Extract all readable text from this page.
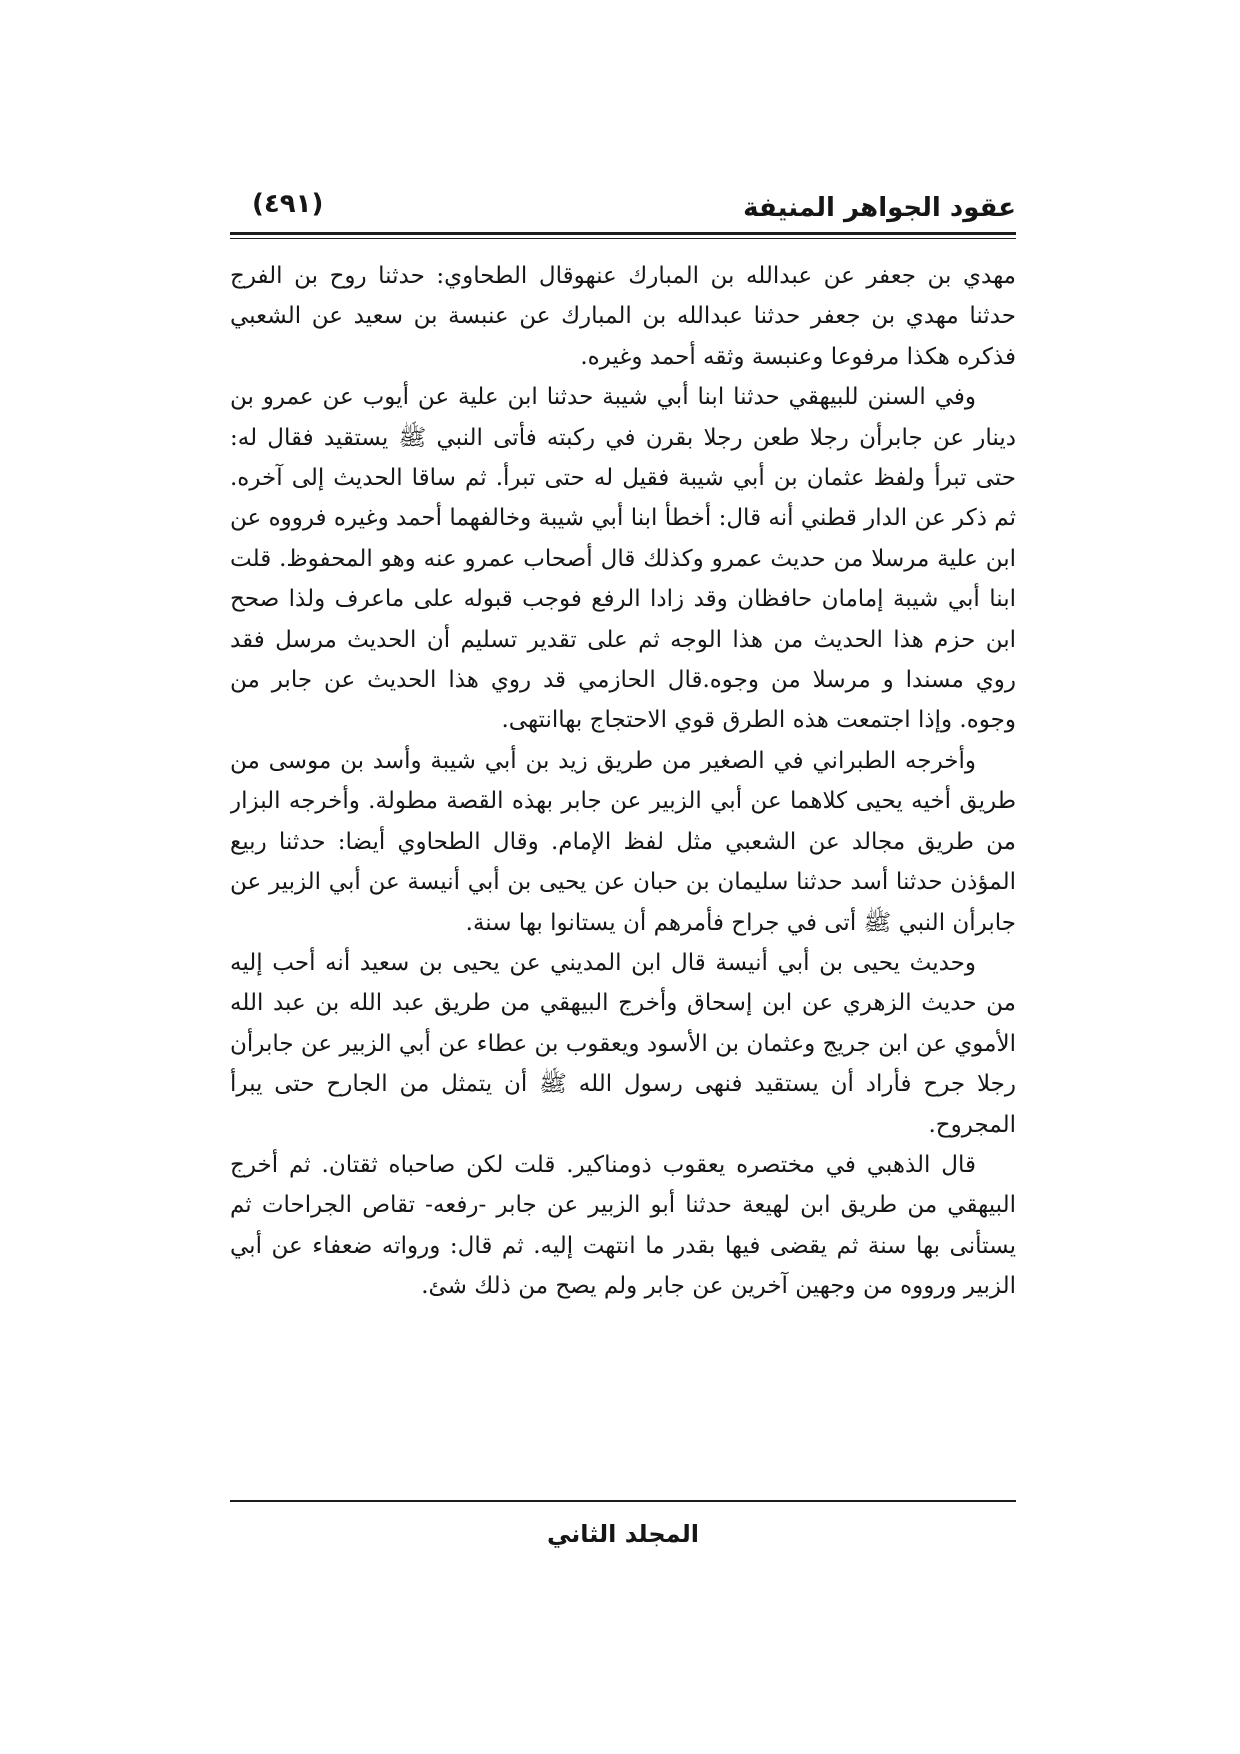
عقود الجواهر المنيفة
(٤٩١)

مهدي بن جعفر عن عبدالله بن المبارك عنهوقال الطحاوي: حدثنا روح بن الفرج حدثنا مهدي بن جعفر حدثنا عبدالله بن المبارك عن عنبسة بن سعيد عن الشعبي فذكره هكذا مرفوعا وعنبسة وثقه أحمد وغيره.

وفي السنن للبيهقي حدثنا ابنا أبي شيبة حدثنا ابن علية عن أيوب عن عمرو بن دينار عن جابرأن رجلا طعن رجلا بقرن في ركبته فأتى النبي ﷺ يستقيد فقال له: حتى تبرأ ولفظ عثمان بن أبي شيبة فقيل له حتى تبرأ. ثم ساقا الحديث إلى آخره. ثم ذكر عن الدار قطني أنه قال: أخطأ ابنا أبي شيبة وخالفهما أحمد وغيره فرووه عن ابن علية مرسلا من حديث عمرو وكذلك قال أصحاب عمرو عنه وهو المحفوظ. قلت ابنا أبي شيبة إمامان حافظان وقد زادا الرفع فوجب قبوله على ماعرف ولذا صحح ابن حزم هذا الحديث من هذا الوجه ثم على تقدير تسليم أن الحديث مرسل فقد روي مسندا و مرسلا من وجوه.قال الحازمي قد روي هذا الحديث عن جابر من وجوه. وإذا اجتمعت هذه الطرق قوي الاحتجاج بهاانتهى.

وأخرجه الطبراني في الصغير من طريق زيد بن أبي شيبة وأسد بن موسى من طريق أخيه يحيى كلاهما عن أبي الزبير عن جابر بهذه القصة مطولة. وأخرجه البزار من طريق مجالد عن الشعبي مثل لفظ الإمام. وقال الطحاوي أيضا: حدثنا ربيع المؤذن حدثنا أسد حدثنا سليمان بن حبان عن يحيى بن أبي أنيسة عن أبي الزبير عن جابرأن النبي ﷺ أتى في جراح فأمرهم أن يستانوا بها سنة.

وحديث يحيى بن أبي أنيسة قال ابن المديني عن يحيى بن سعيد أنه أحب إليه من حديث الزهري عن ابن إسحاق وأخرج البيهقي من طريق عبد الله بن عبد الله الأموي عن ابن جريج وعثمان بن الأسود ويعقوب بن عطاء عن أبي الزبير عن جابرأن رجلا جرح فأراد أن يستقيد فنهى رسول الله ﷺ أن يتمثل من الجارح حتى يبرأ المجروح.

قال الذهبي في مختصره يعقوب ذومناكير. قلت لكن صاحباه ثقتان. ثم أخرج البيهقي من طريق ابن لهيعة حدثنا أبو الزبير عن جابر -رفعه- تقاص الجراحات ثم يستأنى بها سنة ثم يقضى فيها بقدر ما انتهت إليه. ثم قال: ورواته ضعفاء عن أبي الزبير ورووه من وجهين آخرين عن جابر ولم يصح من ذلك شئ.

المجلد الثاني
